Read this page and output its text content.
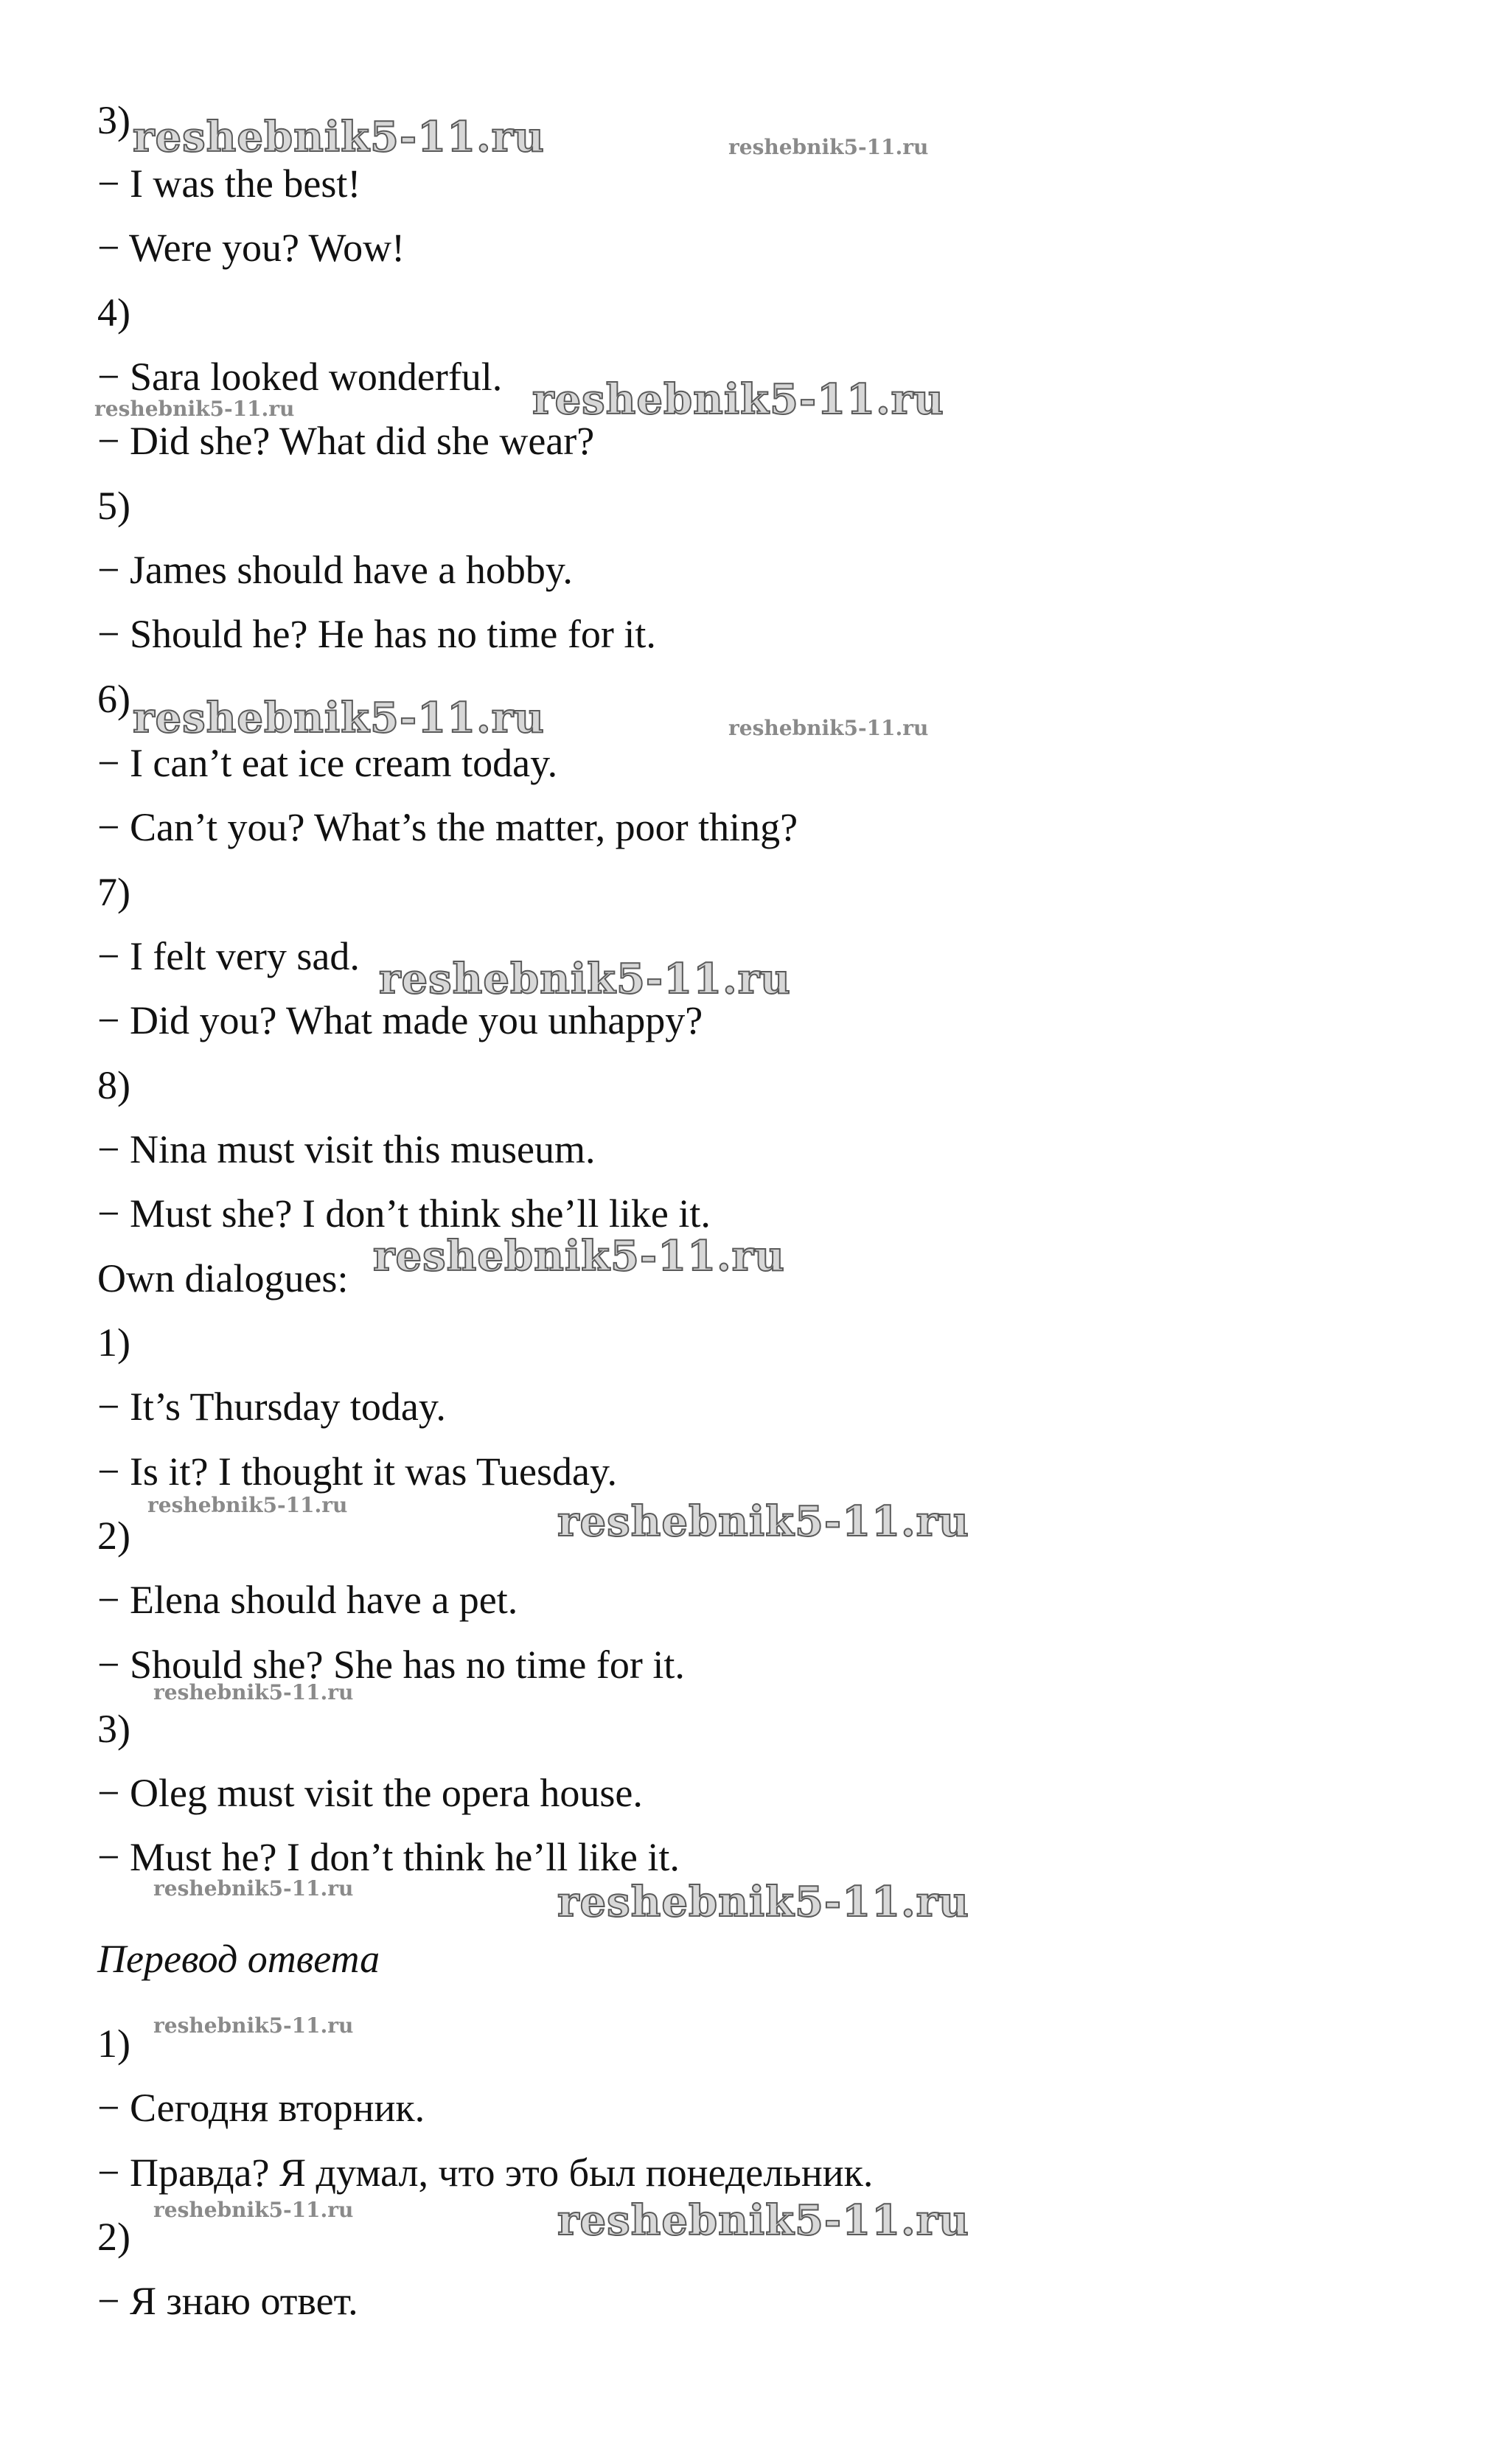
3)
− I was the best!
− Were you? Wow!
4)
− Sara looked wonderful.
− Did she? What did she wear?
5)
− James should have a hobby.
− Should he? He has no time for it.
6)
− I can’t eat ice cream today.
− Can’t you? What’s the matter, poor thing?
7)
− I felt very sad.
− Did you? What made you unhappy?
8)
− Nina must visit this museum.
− Must she? I don’t think she’ll like it.
Own dialogues:
1)
− It’s Thursday today.
− Is it? I thought it was Tuesday.
2)
− Elena should have a pet.
− Should she? She has no time for it.
3)
− Oleg must visit the opera house.
− Must he? I don’t think he’ll like it.
Перевод ответа
1)
− Сегодня вторник.
− Правда? Я думал, что это был понедельник.
2)
− Я знаю ответ.
reshebnik5-11.ru	reshebnik5-11.ru
reshebnik5-11.ru
reshebnik5-11.ru
reshebnik5-11.ru	reshebnik5-11.ru
reshebnik5-11.ru
reshebnik5-11.ru
reshebnik5-11.ru	reshebnik5-11.ru
reshebnik5-11.ru
reshebnik5-11.ru	reshebnik5-11.ru
reshebnik5-11.ru
reshebnik5-11.ru	reshebnik5-11.ru
